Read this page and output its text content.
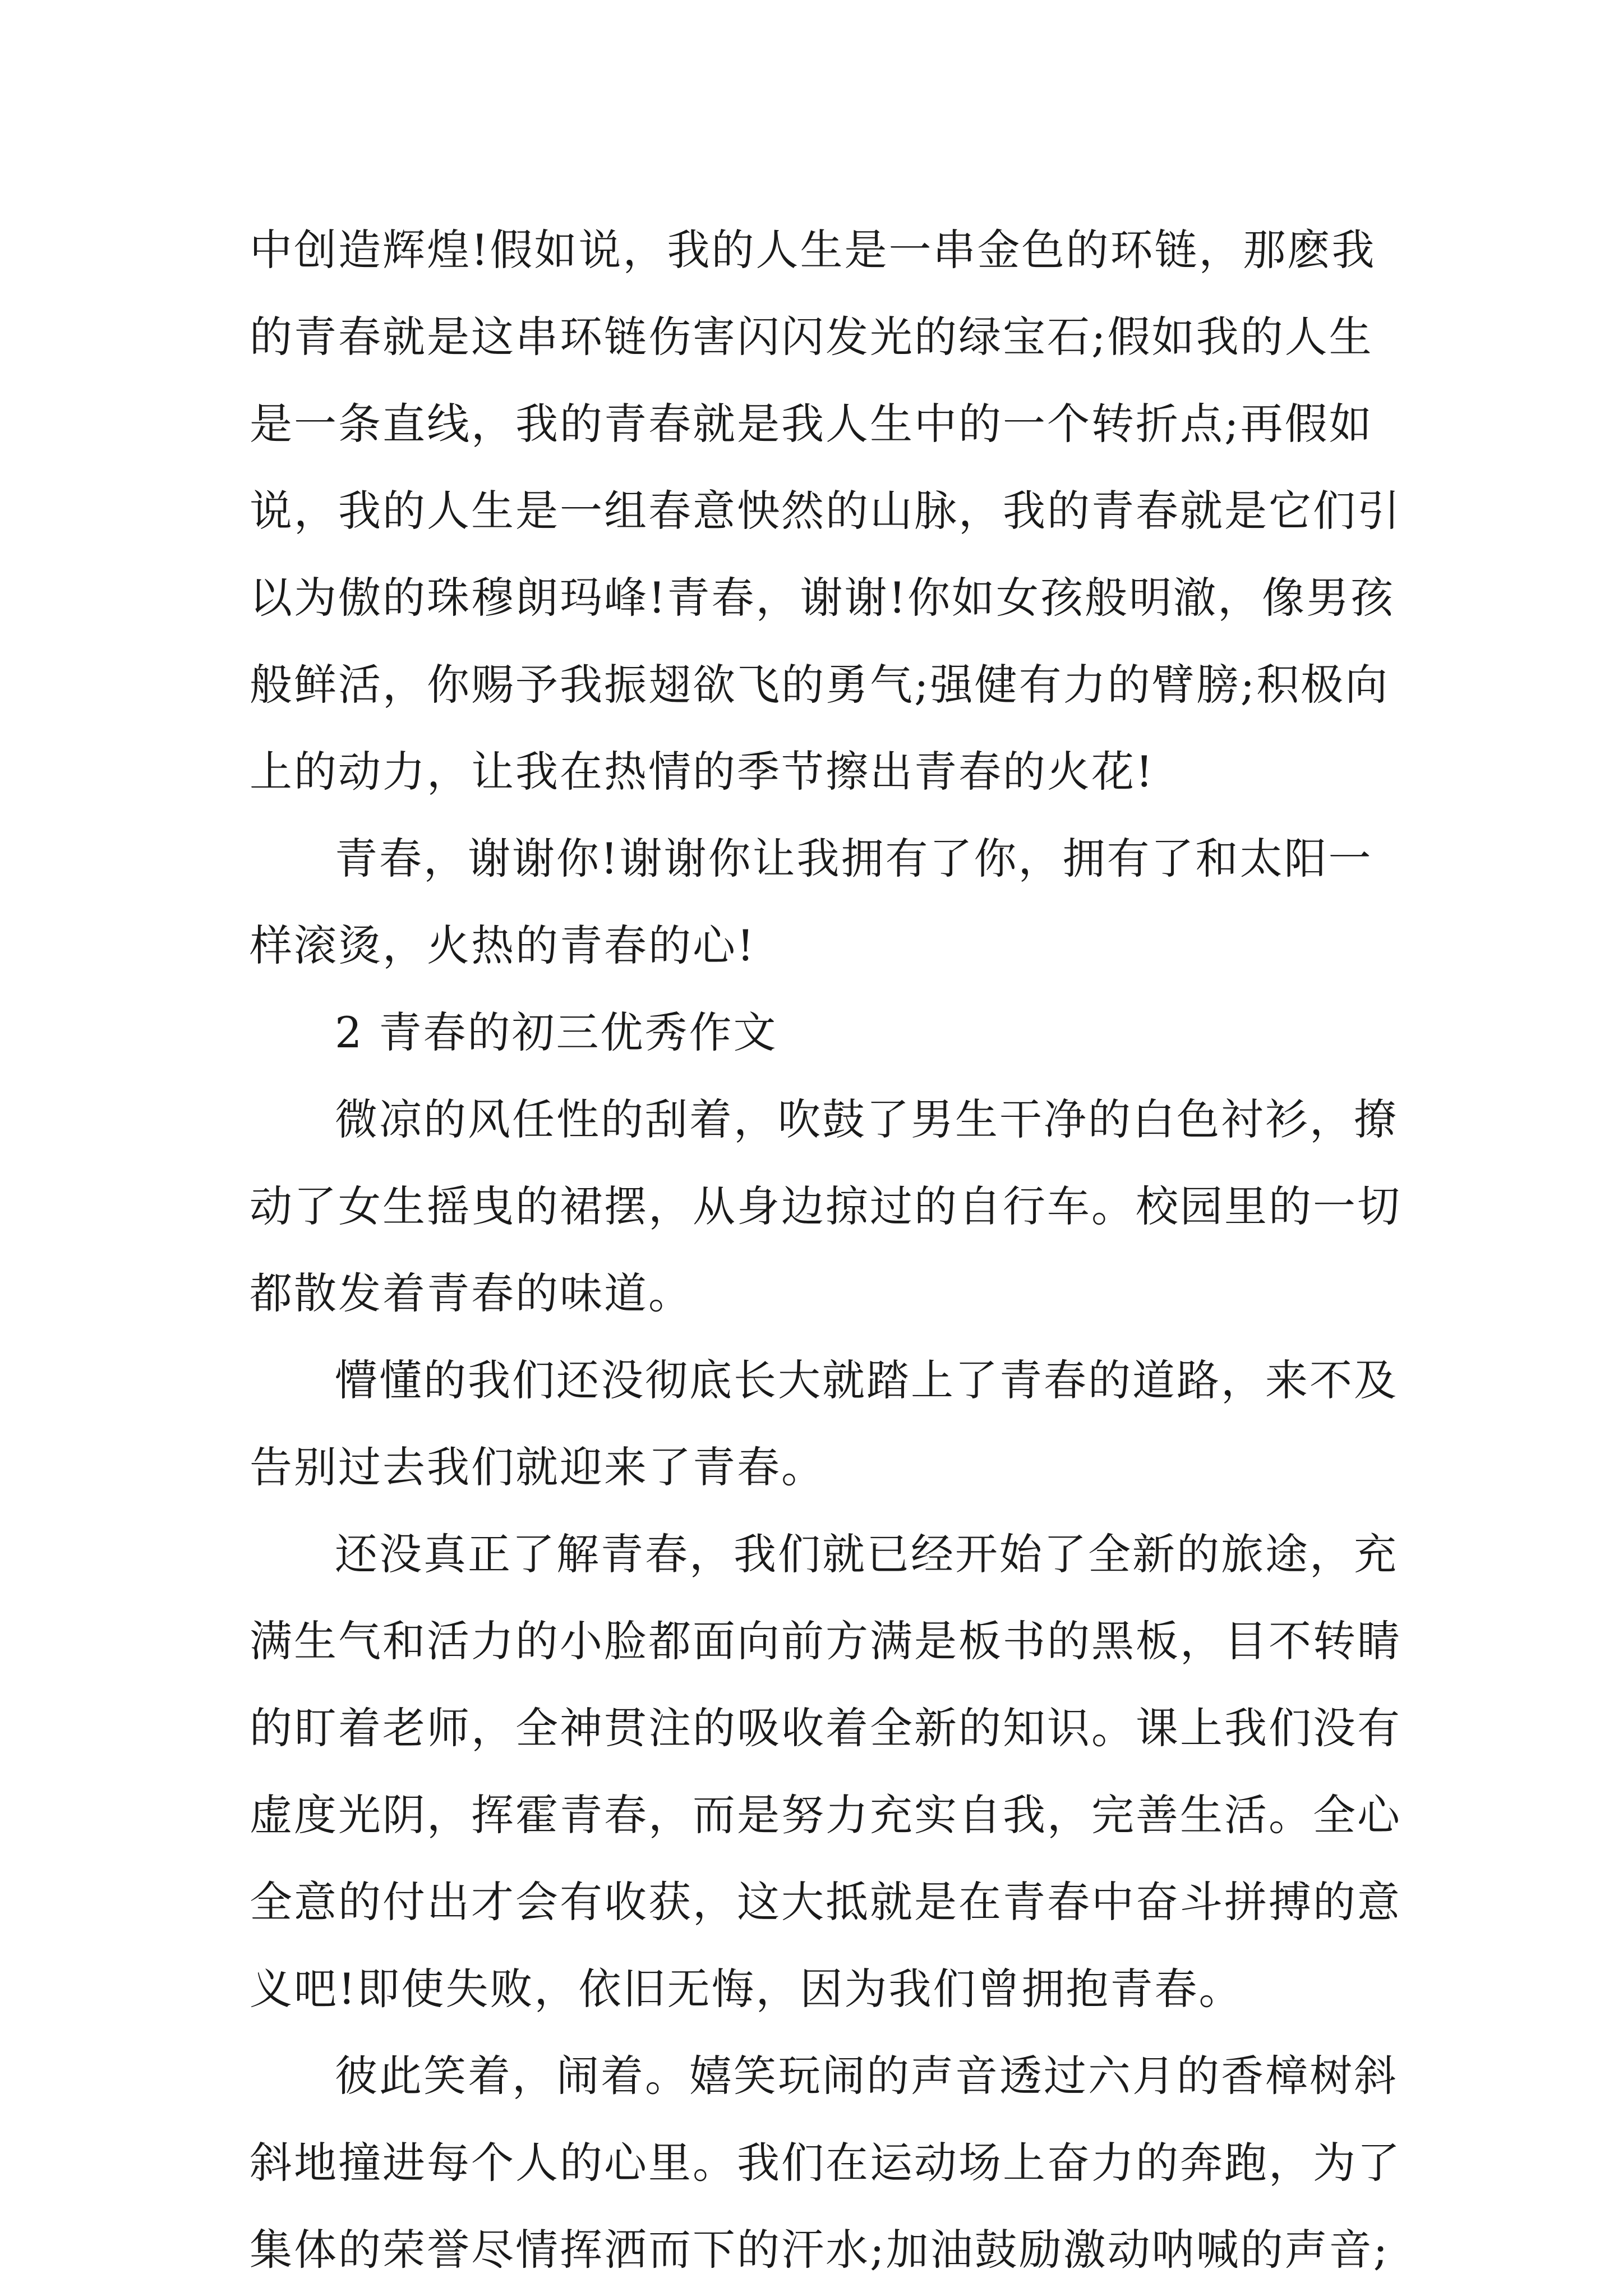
中创造辉煌!假如说，我的人生是一串金色的环链，那麽我
的青春就是这串环链伤害闪闪发光的绿宝石;假如我的人生
是一条直线，我的青春就是我人生中的一个转折点;再假如
说，我的人生是一组春意怏然的山脉，我的青春就是它们引
以为傲的珠穆朗玛峰!青春，谢谢!你如女孩般明澈，像男孩
般鲜活，你赐予我振翅欲飞的勇气;强健有力的臂膀;积极向
上的动力，让我在热情的季节擦出青春的火花!
青春，谢谢你!谢谢你让我拥有了你，拥有了和太阳一
样滚烫，火热的青春的心!
2 青春的初三优秀作文
微凉的风任性的刮着，吹鼓了男生干净的白色衬衫，撩
动了女生摇曳的裙摆，从身边掠过的自行车。校园里的一切
都散发着青春的味道。
懵懂的我们还没彻底长大就踏上了青春的道路，来不及
告别过去我们就迎来了青春。
还没真正了解青春，我们就已经开始了全新的旅途，充
满生气和活力的小脸都面向前方满是板书的黑板，目不转睛
的盯着老师，全神贯注的吸收着全新的知识。课上我们没有
虚度光阴，挥霍青春，而是努力充实自我，完善生活。全心
全意的付出才会有收获，这大抵就是在青春中奋斗拼搏的意
义吧!即使失败，依旧无悔，因为我们曾拥抱青春。
彼此笑着，闹着。嬉笑玩闹的声音透过六月的香樟树斜
斜地撞进每个人的心里。我们在运动场上奋力的奔跑，为了
集体的荣誉尽情挥洒而下的汗水;加油鼓励激动呐喊的声音;
